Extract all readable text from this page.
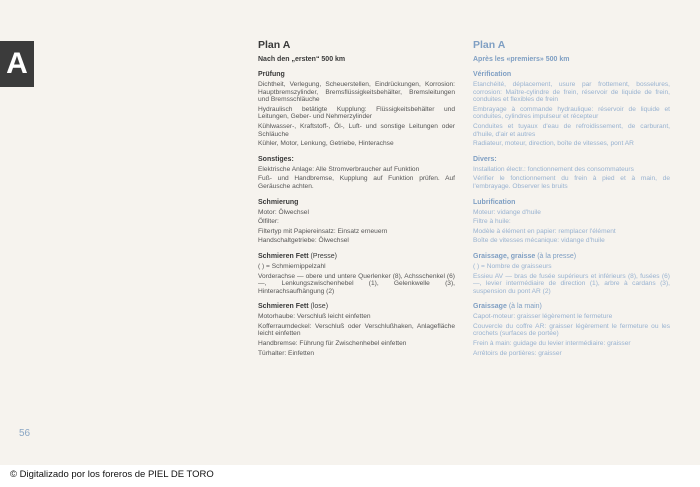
A
56
Plan A
Nach den „ersten“ 500 km
Prüfung

Dichtheit, Verlegung, Scheuerstellen, Eindrückungen, Korrosion: Hauptbremszylinder, Bremsflüssigkeitsbehälter, Bremsleitungen und Bremsschläuche

Hydraulisch betätigte Kupplung: Flüssigkeitsbehälter und Leitungen, Geber- und Nehmerzylinder

Kühlwasser-, Kraftstoff-, Öl-, Luft- und sonstige Leitungen oder Schläuche

Kühler, Motor, Lenkung, Getriebe, Hinterachse

Sonstiges:

Elektrische Anlage: Alle Stromverbraucher auf Funktion

Fuß- und Handbremse, Kupplung auf Funktion prüfen. Auf Geräusche achten.

Schmierung

Motor: Ölwechsel

Ölfilter:

Filtertyp mit Papiereinsatz: Einsatz erneuern

Handschaltgetriebe: Ölwechsel

Schmieren Fett (Presse)

( ) = Schmiernippelzahl

Vorderachse — obere und untere Querlenker (8), Achsschenkel (6) —, Lenkungszwischenhebel (1), Gelenkwelle (3), Hinterachsaufhängung (2)

Schmieren Fett (lose)

Motorhaube: Verschluß leicht einfetten

Kofferraumdeckel: Verschluß oder Verschlußhaken, Anlagefläche leicht einfetten

Handbremse: Führung für Zwischenhebel einfetten

Türhalter: Einfetten

Plan A
Après les «premiers» 500 km
Vérification

Etanchéité, déplacement, usure par frottement, bosselures, corrosion: Maître-cylindre de frein, réservoir de liquide de frein, conduites et flexibles de frein

Embrayage à commande hydraulique: réservoir de liquide et conduites, cylindres impulseur et récepteur

Conduites et tuyaux d'eau de refroidissement, de carburant, d'huile, d'air et autres

Radiateur, moteur, direction, boîte de vitesses, pont AR

Divers:

Installation électr.: fonctionnement des consommateurs

Vérifier le fonctionnement du frein à pied et à main, de l'embrayage. Observer les bruits

Lubrification

Moteur: vidange d'huile

Filtre à huile:

Modèle à élément en papier: remplacer l'élément

Boîte de vitesses mécanique: vidange d'huile

Graissage, graisse (à la presse)

( ) = Nombre de graisseurs

Essieu AV — bras de fusée supérieurs et inférieurs (8), fusées (6) —, levier intermédiaire de direction (1), arbre à cardans (3), suspension du pont AR (2)

Graissage (à la main)

Capot-moteur: graisser légèrement le fermeture

Couvercle du coffre AR: graisser légèrement le fermeture ou les crochets (surfaces de portée)

Frein à main: guidage du levier intermédiaire: graisser

Arrêtoirs de portières: graisser

© Digitalizado por los foreros de PIEL DE TORO
